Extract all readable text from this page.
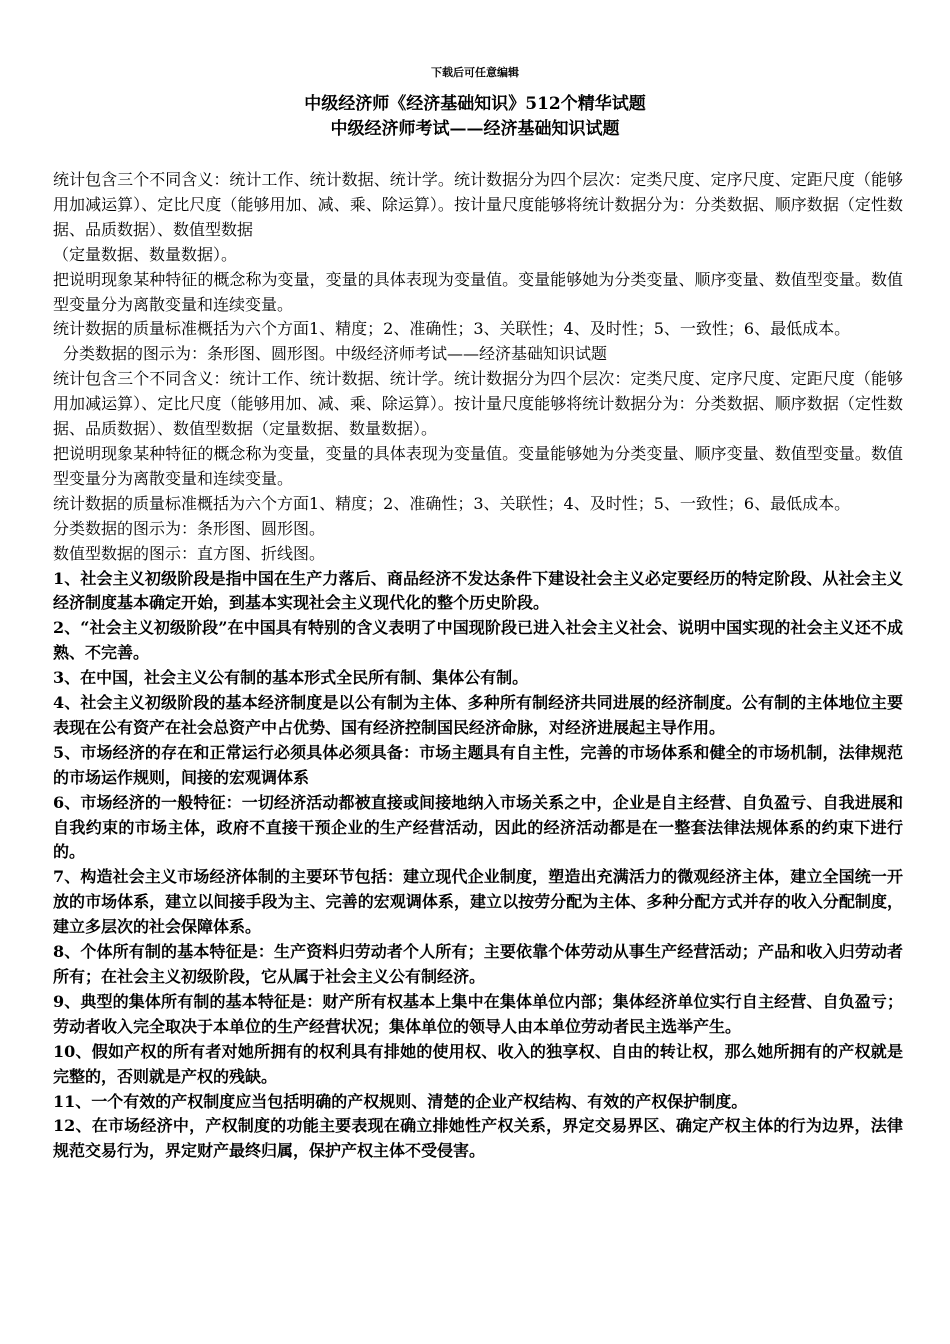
下载后可任意编辑
中级经济师《经济基础知识》512个精华试题
中级经济师考试——经济基础知识试题

统计包含三个不同含义：统计工作、统计数据、统计学。统计数据分为四个层次：定类尺度、定序尺度、定距尺度（能够用加减运算）、定比尺度（能够用加、减、乘、除运算）。按计量尺度能够将统计数据分为：分类数据、顺序数据（定性数据、品质数据）、数值型数据

（定量数据、数量数据）。

把说明现象某种特征的概念称为变量，变量的具体表现为变量值。变量能够她为分类变量、顺序变量、数值型变量。数值型变量分为离散变量和连续变量。

统计数据的质量标准概括为六个方面1、精度；2、准确性；3、关联性；4、及时性；5、一致性；6、最低成本。

分类数据的图示为：条形图、圆形图。中级经济师考试——经济基础知识试题

统计包含三个不同含义：统计工作、统计数据、统计学。统计数据分为四个层次：定类尺度、定序尺度、定距尺度（能够用加减运算）、定比尺度（能够用加、减、乘、除运算）。按计量尺度能够将统计数据分为：分类数据、顺序数据（定性数据、品质数据）、数值型数据（定量数据、数量数据）。

把说明现象某种特征的概念称为变量，变量的具体表现为变量值。变量能够她为分类变量、顺序变量、数值型变量。数值型变量分为离散变量和连续变量。

统计数据的质量标准概括为六个方面1、精度；2、准确性；3、关联性；4、及时性；5、一致性；6、最低成本。

分类数据的图示为：条形图、圆形图。

数值型数据的图示：直方图、折线图。

1、社会主义初级阶段是指中国在生产力落后、商品经济不发达条件下建设社会主义必定要经历的特定阶段、从社会主义经济制度基本确定开始，到基本实现社会主义现代化的整个历史阶段。

2、“社会主义初级阶段”在中国具有特别的含义表明了中国现阶段已进入社会主义社会、说明中国实现的社会主义还不成熟、不完善。

3、在中国，社会主义公有制的基本形式全民所有制、集体公有制。

4、社会主义初级阶段的基本经济制度是以公有制为主体、多种所有制经济共同进展的经济制度。公有制的主体地位主要表现在公有资产在社会总资产中占优势、国有经济控制国民经济命脉，对经济进展起主导作用。

5、市场经济的存在和正常运行必须具体必须具备：市场主题具有自主性，完善的市场体系和健全的市场机制，法律规范的市场运作规则，间接的宏观调体系

6、市场经济的一般特征：一切经济活动都被直接或间接地纳入市场关系之中，企业是自主经营、自负盈亏、自我进展和自我约束的市场主体，政府不直接干预企业的生产经营活动，因此的经济活动都是在一整套法律法规体系的约束下进行的。

7、构造社会主义市场经济体制的主要环节包括：建立现代企业制度，塑造出充满活力的微观经济主体，建立全国统一开放的市场体系，建立以间接手段为主、完善的宏观调体系，建立以按劳分配为主体、多种分配方式并存的收入分配制度，建立多层次的社会保障体系。

8、个体所有制的基本特征是：生产资料归劳动者个人所有；主要依靠个体劳动从事生产经营活动；产品和收入归劳动者所有；在社会主义初级阶段，它从属于社会主义公有制经济。

9、典型的集体所有制的基本特征是：财产所有权基本上集中在集体单位内部；集体经济单位实行自主经营、自负盈亏；劳动者收入完全取决于本单位的生产经营状况；集体单位的领导人由本单位劳动者民主选举产生。

10、假如产权的所有者对她所拥有的权利具有排她的使用权、收入的独享权、自由的转让权，那么她所拥有的产权就是完整的，否则就是产权的残缺。

11、一个有效的产权制度应当包括明确的产权规则、清楚的企业产权结构、有效的产权保护制度。

12、在市场经济中，产权制度的功能主要表现在确立排她性产权关系，界定交易界区、确定产权主体的行为边界，法律规范交易行为，界定财产最终归属，保护产权主体不受侵害。
